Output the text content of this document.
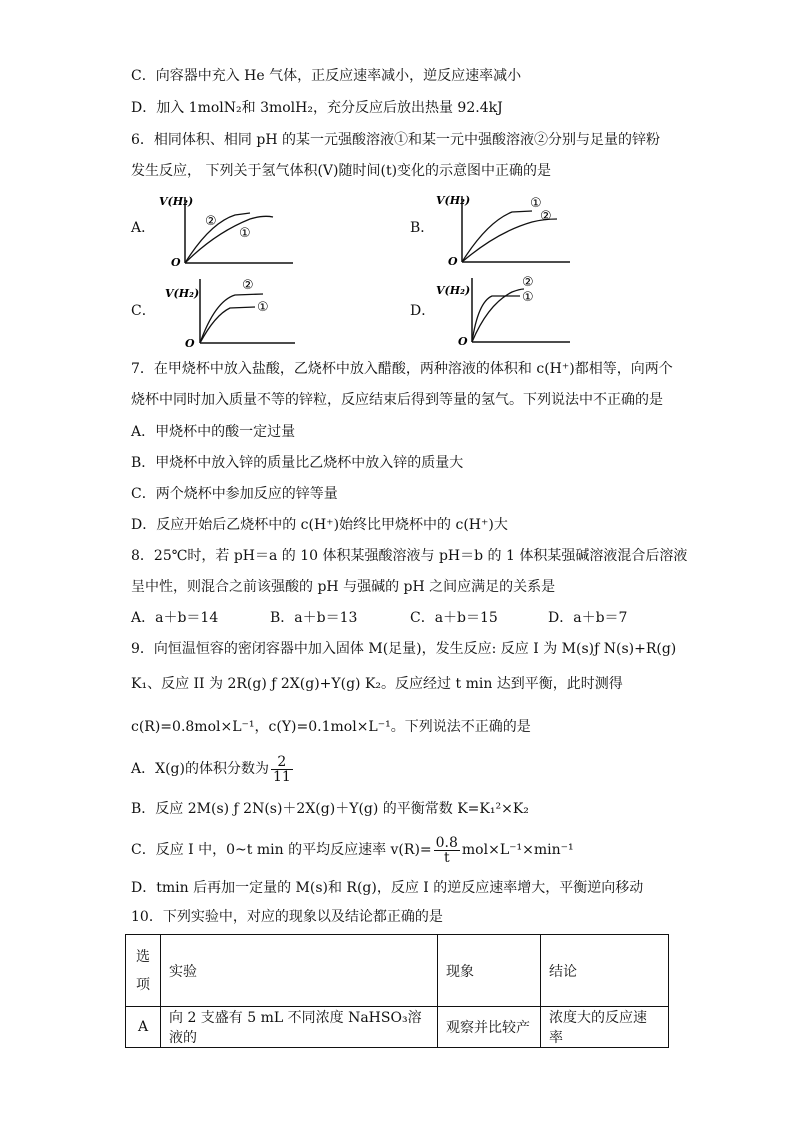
C．向容器中充入 He 气体，正反应速率减小，逆反应速率减小
D．加入 1molN₂和 3molH₂，充分反应后放出热量 92.4kJ
6．相同体积、相同 pH 的某一元强酸溶液①和某一元中强酸溶液②分别与足量的锌粉
发生反应， 下列关于氢气体积(V)随时间(t)变化的示意图中正确的是
A．
V(H₂)
O
②
①	B．
V(H₂)
O
①
②
C．
V(H₂)
O
②
①	D．
V(H₂)
O
②
①
7．在甲烧杯中放入盐酸，乙烧杯中放入醋酸，两种溶液的体积和 c(H⁺)都相等，向两个
烧杯中同时加入质量不等的锌粒，反应结束后得到等量的氢气。下列说法中不正确的是
A．甲烧杯中的酸一定过量
B．甲烧杯中放入锌的质量比乙烧杯中放入锌的质量大
C．两个烧杯中参加反应的锌等量
D．反应开始后乙烧杯中的 c(H⁺)始终比甲烧杯中的 c(H⁺)大
8．25℃时，若 pH＝a 的 10 体积某强酸溶液与 pH＝b 的 1 体积某强碱溶液混合后溶液
呈中性，则混合之前该强酸的 pH 与强碱的 pH 之间应满足的关系是
A．a＋b＝14	B．a＋b＝13	C．a＋b＝15	D．a＋b＝7
9．向恒温恒容的密闭容器中加入固体 M(足量)，发生反应: 反应 I 为 M(s)ƒ N(s)+R(g)
K₁、反应 II 为 2R(g) ƒ 2X(g)+Y(g) K₂。反应经过 t min 达到平衡，此时测得
c(R)=0.8mol×L⁻¹，c(Y)=0.1mol×L⁻¹。下列说法不正确的是
A．X(g)的体积分数为 $\frac{2}{11}$
B．反应 2M(s) ƒ 2N(s)＋2X(g)＋Y(g) 的平衡常数 K=K₁²×K₂
C．反应 I 中，0~t min 的平均反应速率 $v(R)= \frac{0.8}{t} mol\times L^{-1}\times\min^{-1}$
D．tmin 后再加一定量的 M(s)和 R(g)，反应 I 的逆反应速率增大，平衡逆向移动
10．下列实验中，对应的现象以及结论都正确的是
选
项	实验	现象	结论
A	向 2 支盛有 5 mL 不同浓度 NaHSO₃溶液的	观察并比较产	浓度大的反应速率
